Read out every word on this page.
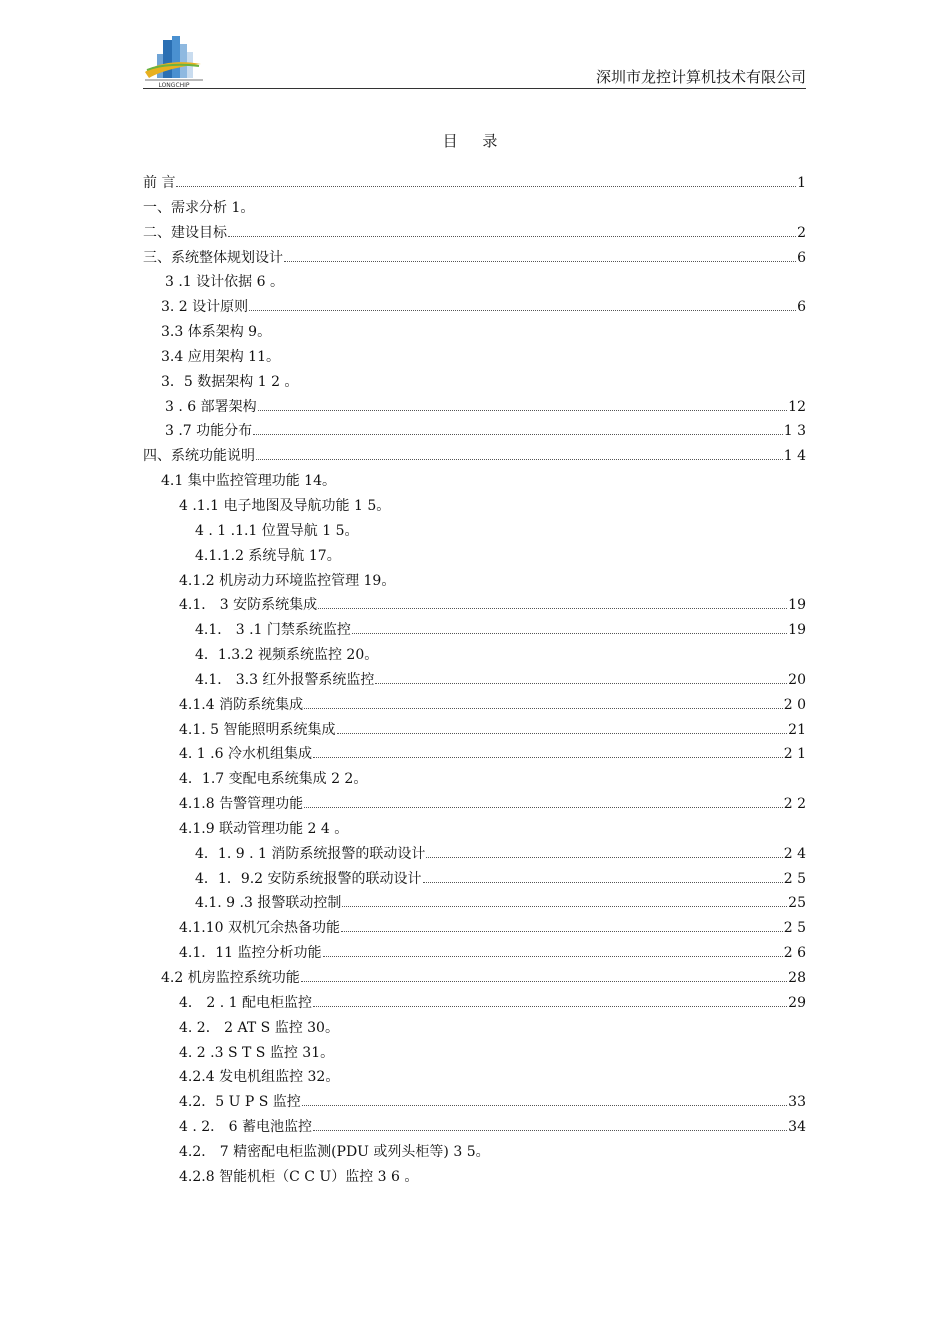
LONGCHIP	深圳市龙控计算机技术有限公司
目 录
前 言	1
一、需求分析 1｡
二、建设目标	2
三、系统整体规划设计	6
3 .1 设计依据 6 ｡
3. 2 设计原则	6
3.3 体系架构 9｡
3.4 应用架构 11｡
3．5 数据架构 1 2 ｡
3 . 6 部署架构	12
3 .7 功能分布	1 3
四、系统功能说明	1 4
4.1 集中监控管理功能 14｡
4 .1.1 电子地图及导航功能 1 5｡
4 . 1 .1.1 位置导航 1 5｡
4.1.1.2 系统导航 17｡
4.1.2 机房动力环境监控管理 19｡
4.1． 3 安防系统集成	19
4.1． 3 .1 门禁系统监控	19
4．1.3.2 视频系统监控 20｡
4.1． 3.3 红外报警系统监控	20
4.1.4 消防系统集成	2 0
4.1. 5 智能照明系统集成	21
4. 1 .6 冷水机组集成	2 1
4．1.7 变配电系统集成 2 2｡
4.1.8 告警管理功能	2 2
4.1.9 联动管理功能 2 4 ｡
4．1. 9 . 1 消防系统报警的联动设计	2 4
4．1．9.2 安防系统报警的联动设计	2 5
4.1. 9 .3 报警联动控制	25
4.1.10 双机冗余热备功能	2 5
4.1．11 监控分析功能	2 6
4.2 机房监控系统功能	28
4． 2 . 1 配电柜监控	29
4. 2． 2 AT S 监控 30｡
4. 2 .3 S T S 监控 31｡
4.2.4 发电机组监控 32｡
4.2．5 U P S 监控	33
4 . 2． 6 蓄电池监控	34
4.2． 7 精密配电柜监测(PDU 或列头柜等) 3 5｡
4.2.8 智能机柜（C C U）监控 3 6 ｡
